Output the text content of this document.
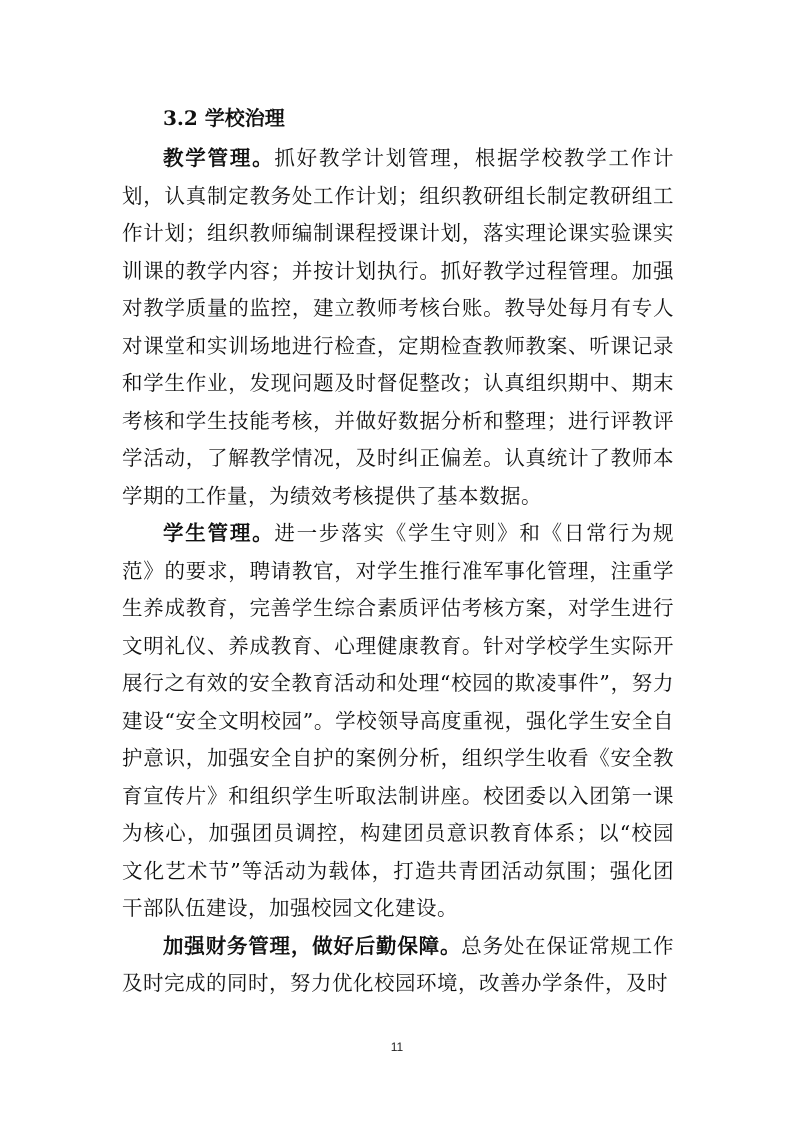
3.2 学校治理

教学管理。抓好教学计划管理，根据学校教学工作计划，认真制定教务处工作计划；组织教研组长制定教研组工作计划；组织教师编制课程授课计划，落实理论课实验课实训课的教学内容；并按计划执行。抓好教学过程管理。加强对教学质量的监控，建立教师考核台账。教导处每月有专人对课堂和实训场地进行检查，定期检查教师教案、听课记录和学生作业，发现问题及时督促整改；认真组织期中、期末考核和学生技能考核，并做好数据分析和整理；进行评教评学活动，了解教学情况，及时纠正偏差。认真统计了教师本学期的工作量，为绩效考核提供了基本数据。

学生管理。进一步落实《学生守则》和《日常行为规范》的要求，聘请教官，对学生推行准军事化管理，注重学生养成教育，完善学生综合素质评估考核方案，对学生进行文明礼仪、养成教育、心理健康教育。针对学校学生实际开展行之有效的安全教育活动和处理“校园的欺凌事件”，努力建设“安全文明校园”。学校领导高度重视，强化学生安全自护意识，加强安全自护的案例分析，组织学生收看《安全教育宣传片》和组织学生听取法制讲座。校团委以入团第一课为核心，加强团员调控，构建团员意识教育体系；以“校园文化艺术节”等活动为载体，打造共青团活动氛围；强化团干部队伍建设，加强校园文化建设。

加强财务管理，做好后勤保障。总务处在保证常规工作及时完成的同时，努力优化校园环境，改善办学条件，及时

11
